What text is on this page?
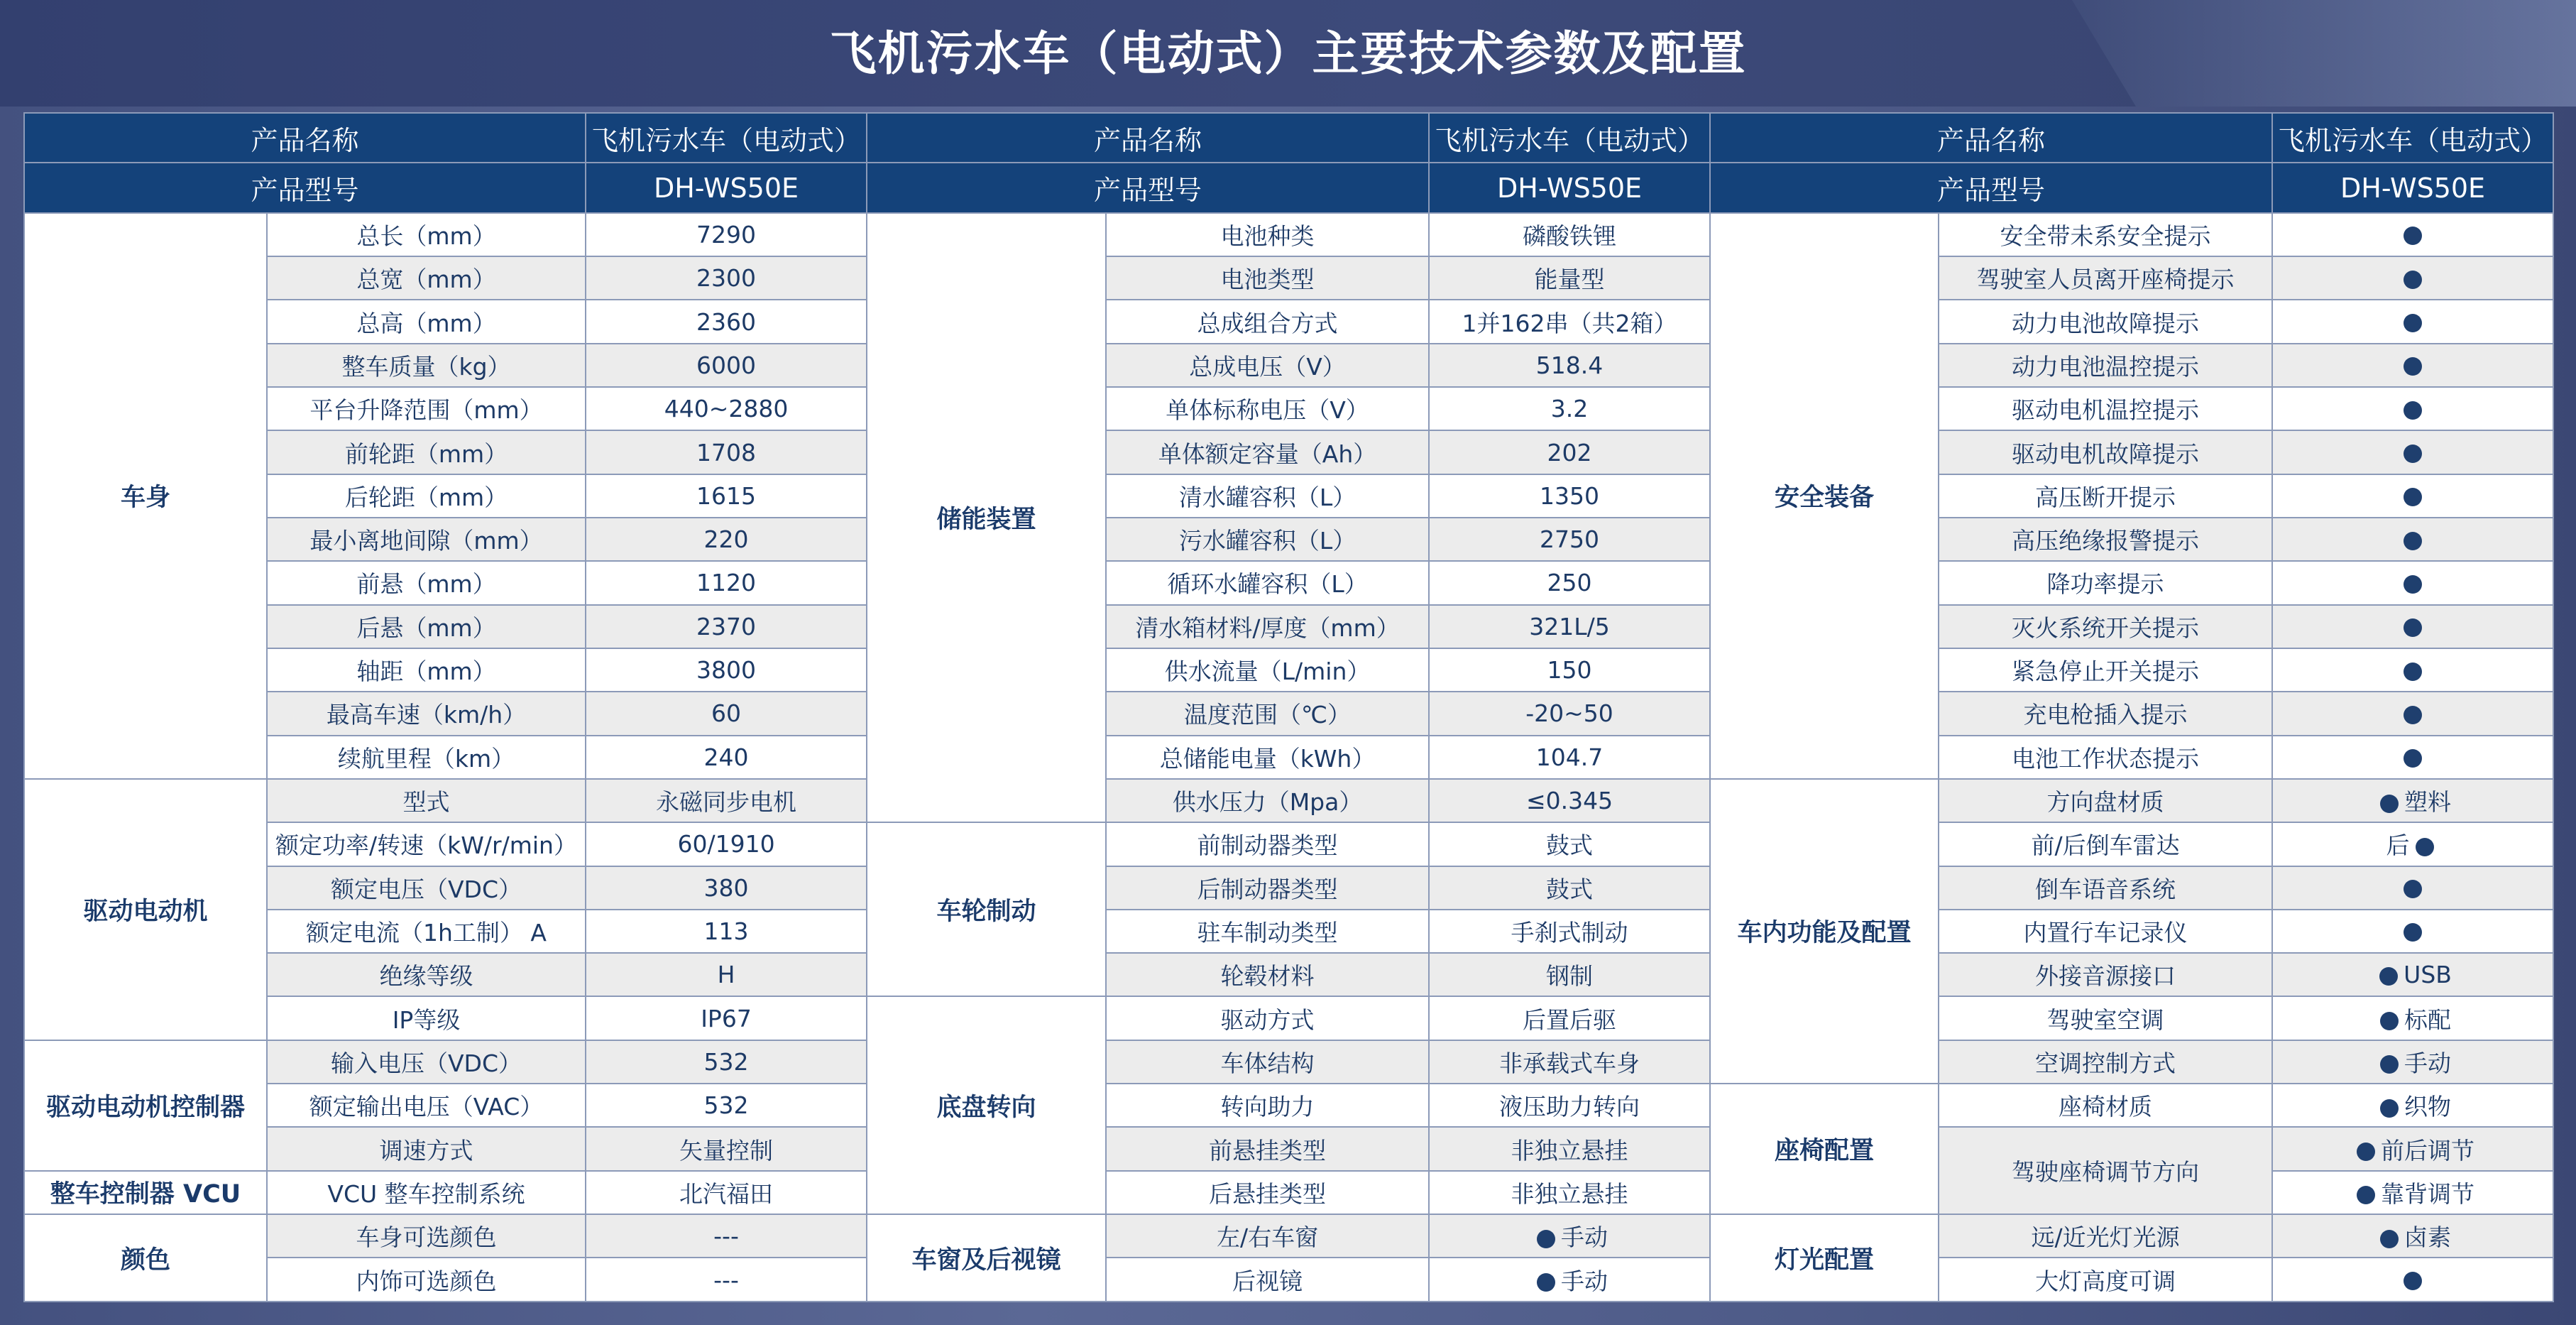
飞机污水车（电动式）主要技术参数及配置
产品名称		飞机污水车（电动式）	产品名称		飞机污水车（电动式）	产品名称		飞机污水车（电动式）
产品型号		DH-WS50E	产品型号		DH-WS50E	产品型号		DH-WS50E
车身	总长（mm）	7290	储能装置	电池种类	磷酸铁锂	安全装备	安全带未系安全提示	
	总宽（mm）	2300		电池类型	能量型		驾驶室人员离开座椅提示	
	总高（mm）	2360		总成组合方式	1并162串（共2箱）		动力电池故障提示	
	整车质量（kg）	6000		总成电压（V）	518.4		动力电池温控提示	
	平台升降范围（mm）	440~2880		单体标称电压（V）	3.2		驱动电机温控提示	
	前轮距（mm）	1708		单体额定容量（Ah）	202		驱动电机故障提示	
	后轮距（mm）	1615		清水罐容积（L）	1350		高压断开提示	
	最小离地间隙（mm）	220		污水罐容积（L）	2750		高压绝缘报警提示	
	前悬（mm）	1120		循环水罐容积（L）	250		降功率提示	
	后悬（mm）	2370		清水箱材料/厚度（mm）	321L/5		灭火系统开关提示	
	轴距（mm）	3800		供水流量（L/min）	150		紧急停止开关提示	
	最高车速（km/h）	60		温度范围（℃）	-20~50		充电枪插入提示	
	续航里程（km）	240		总储能电量（kWh）	104.7		电池工作状态提示	
驱动电动机	型式	永磁同步电机		供水压力（Mpa）	≤0.345	车内功能及配置	方向盘材质	塑料
	额定功率/转速（kW/r/min）	60/1910	车轮制动	前制动器类型	鼓式		前/后倒车雷达	后
	额定电压（VDC）	380		后制动器类型	鼓式		倒车语音系统	
	额定电流（1h工制） A	113		驻车制动类型	手刹式制动		内置行车记录仪	
	绝缘等级	H		轮毂材料	钢制		外接音源接口	USB
	IP等级	IP67	底盘转向	驱动方式	后置后驱		驾驶室空调	标配
驱动电动机控制器	输入电压（VDC）	532		车体结构	非承载式车身		空调控制方式	手动
	额定输出电压（VAC）	532		转向助力	液压助力转向	座椅配置	座椅材质	织物
	调速方式	矢量控制		前悬挂类型	非独立悬挂		驾驶座椅调节方向	前后调节
整车控制器 VCU	VCU 整车控制系统	北汽福田		后悬挂类型	非独立悬挂			靠背调节
颜色	车身可选颜色	---	车窗及后视镜	左/右车窗	手动	灯光配置	远/近光灯光源	卤素
	内饰可选颜色	---		后视镜	手动		大灯高度可调	
